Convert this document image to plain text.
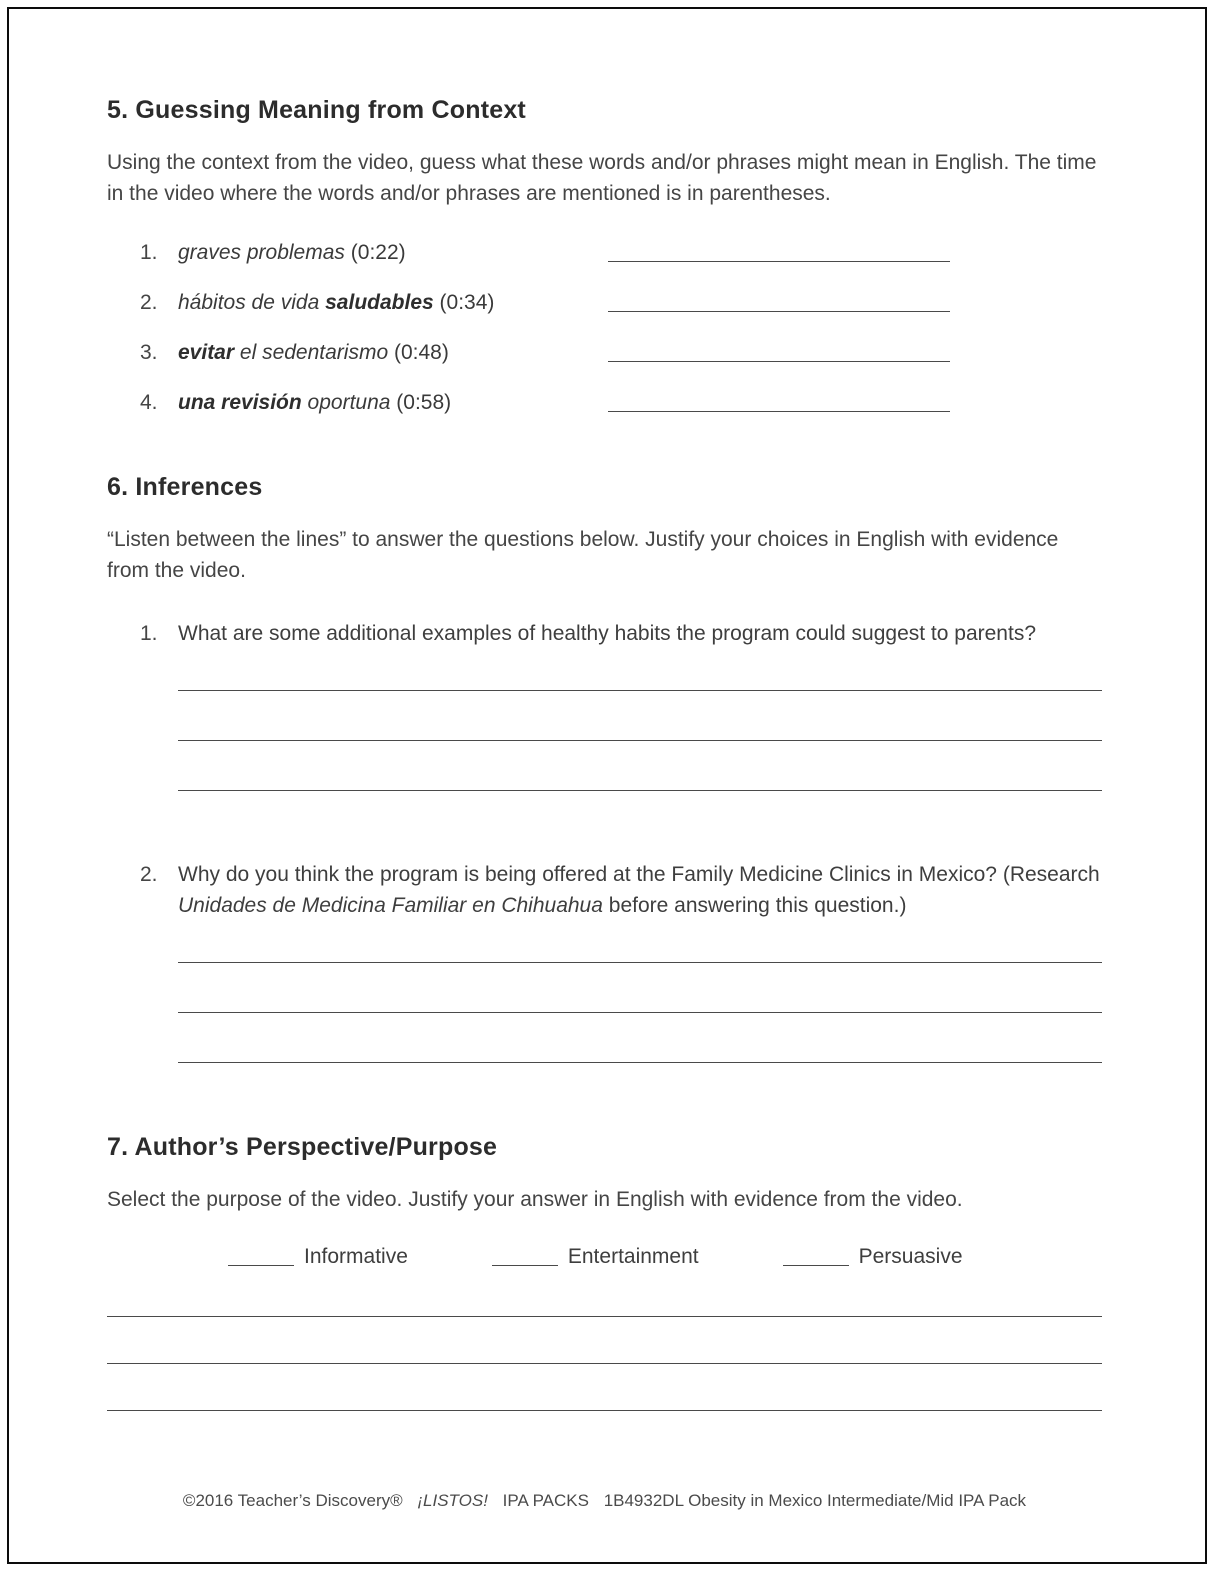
5. Guessing Meaning from Context

Using the context from the video, guess what these words and/or phrases might mean in English. The time in the video where the words and/or phrases are mentioned is in parentheses.

1. graves problemas (0:22)
2. hábitos de vida saludables (0:34)
3. evitar el sedentarismo (0:48)
4. una revisión oportuna (0:58)
6. Inferences

“Listen between the lines” to answer the questions below. Justify your choices in English with evidence from the video.

1. What are some additional examples of healthy habits the program could suggest to parents?
2. Why do you think the program is being offered at the Family Medicine Clinics in Mexico? (Research Unidades de Medicina Familiar en Chihuahua before answering this question.)
7. Author’s Perspective/Purpose

Select the purpose of the video. Justify your answer in English with evidence from the video.

Informative	Entertainment	Persuasive
©2016 Teacher’s Discovery® ¡LISTOS! IPA PACKS 1B4932DL Obesity in Mexico Intermediate/Mid IPA Pack
